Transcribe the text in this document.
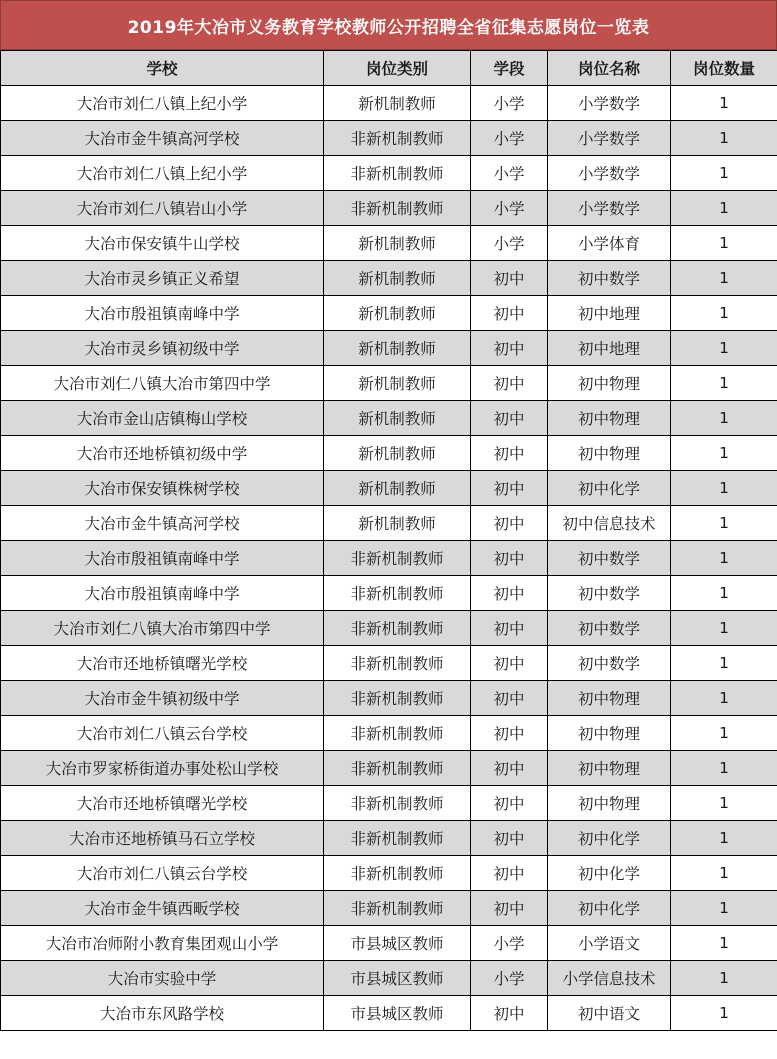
2019年大冶市义务教育学校教师公开招聘全省征集志愿岗位一览表
学校	岗位类别	学段	岗位名称	岗位数量
大冶市刘仁八镇上纪小学	新机制教师	小学	小学数学	1
大冶市金牛镇高河学校	非新机制教师	小学	小学数学	1
大冶市刘仁八镇上纪小学	非新机制教师	小学	小学数学	1
大冶市刘仁八镇岩山小学	非新机制教师	小学	小学数学	1
大冶市保安镇牛山学校	新机制教师	小学	小学体育	1
大冶市灵乡镇正义希望	新机制教师	初中	初中数学	1
大冶市殷祖镇南峰中学	新机制教师	初中	初中地理	1
大冶市灵乡镇初级中学	新机制教师	初中	初中地理	1
大冶市刘仁八镇大冶市第四中学	新机制教师	初中	初中物理	1
大冶市金山店镇梅山学校	新机制教师	初中	初中物理	1
大冶市还地桥镇初级中学	新机制教师	初中	初中物理	1
大冶市保安镇株树学校	新机制教师	初中	初中化学	1
大冶市金牛镇高河学校	新机制教师	初中	初中信息技术	1
大冶市殷祖镇南峰中学	非新机制教师	初中	初中数学	1
大冶市殷祖镇南峰中学	非新机制教师	初中	初中数学	1
大冶市刘仁八镇大冶市第四中学	非新机制教师	初中	初中数学	1
大冶市还地桥镇曙光学校	非新机制教师	初中	初中数学	1
大冶市金牛镇初级中学	非新机制教师	初中	初中物理	1
大冶市刘仁八镇云台学校	非新机制教师	初中	初中物理	1
大冶市罗家桥街道办事处松山学校	非新机制教师	初中	初中物理	1
大冶市还地桥镇曙光学校	非新机制教师	初中	初中物理	1
大冶市还地桥镇马石立学校	非新机制教师	初中	初中化学	1
大冶市刘仁八镇云台学校	非新机制教师	初中	初中化学	1
大冶市金牛镇西畈学校	非新机制教师	初中	初中化学	1
大冶市冶师附小教育集团观山小学	市县城区教师	小学	小学语文	1
大冶市实验中学	市县城区教师	小学	小学信息技术	1
大冶市东风路学校	市县城区教师	初中	初中语文	1
